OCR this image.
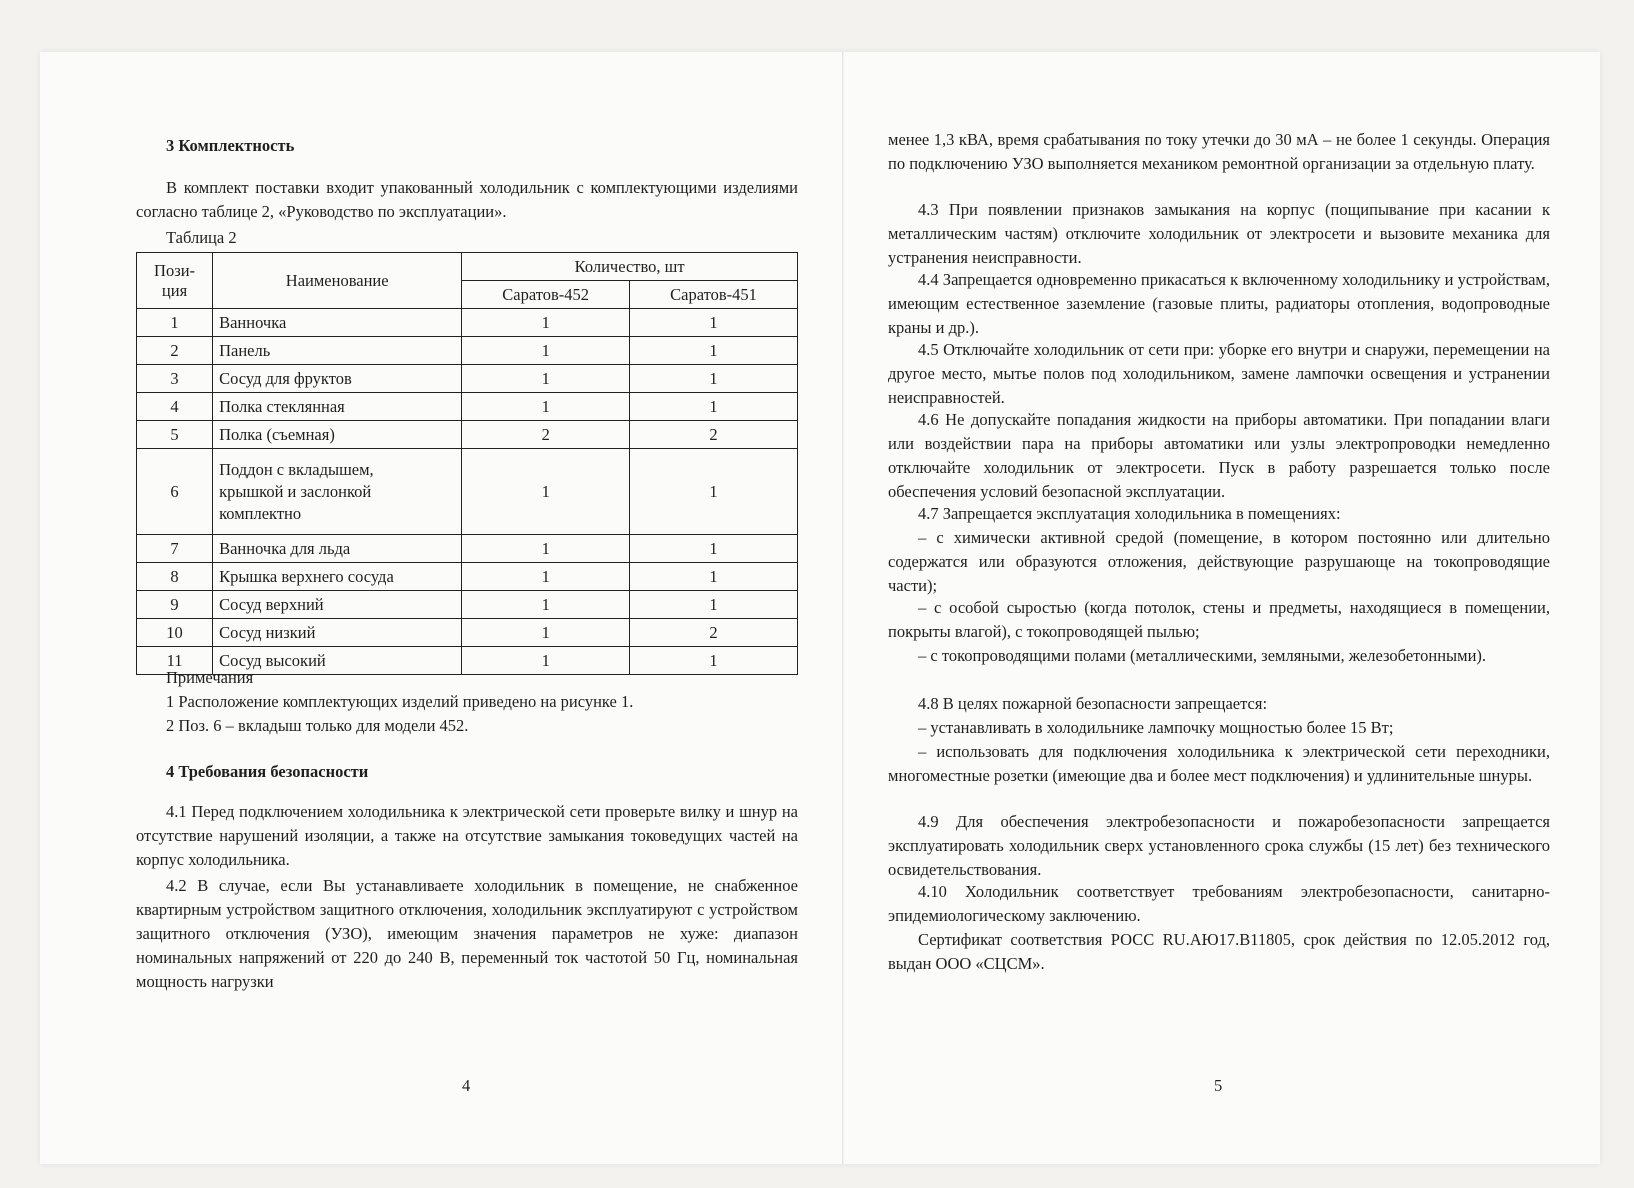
3 Комплектность
В комплект поставки входит упакованный холодильник с комплектующими изделиями согласно таблице 2, «Руководство по эксплуатации».
Таблица 2
Пози-ция	Наименование	Количество, шт	
		Саратов-452	Саратов-451
1	Ванночка	1	1
2	Панель	1	1
3	Сосуд для фруктов	1	1
4	Полка стеклянная	1	1
5	Полка (съемная)	2	2
6	Поддон с вкладышем, крышкой и заслонкой комплектно	1	1
7	Ванночка для льда	1	1
8	Крышка верхнего сосуда	1	1
9	Сосуд верхний	1	1
10	Сосуд низкий	1	2
11	Сосуд высокий	1	1
Примечания
1 Расположение комплектующих изделий приведено на рисунке 1.
2 Поз. 6 – вкладыш только для модели 452.
4 Требования безопасности
4.1 Перед подключением холодильника к электрической сети проверьте вилку и шнур на отсутствие нарушений изоляции, а также на отсутствие замыкания токоведущих частей на корпус холодильника.
4.2 В случае, если Вы устанавливаете холодильник в помещение, не снабженное квартирным устройством защитного отключения, холодильник эксплуатируют с устройством защитного отключения (УЗО), имеющим значения параметров не хуже: диапазон номинальных напряжений от 220 до 240 В, переменный ток частотой 50 Гц, номинальная мощность нагрузки
4
менее 1,3 кВА, время срабатывания по току утечки до 30 мА – не более 1 секунды. Операция по подключению УЗО выполняется механиком ремонтной организации за отдельную плату.
4.3 При появлении признаков замыкания на корпус (пощипывание при касании к металлическим частям) отключите холодильник от электросети и вызовите механика для устранения неисправности.
4.4 Запрещается одновременно прикасаться к включенному холодильнику и устройствам, имеющим естественное заземление (газовые плиты, радиаторы отопления, водопроводные краны и др.).
4.5 Отключайте холодильник от сети при: уборке его внутри и снаружи, перемещении на другое место, мытье полов под холодильником, замене лампочки освещения и устранении неисправностей.
4.6 Не допускайте попадания жидкости на приборы автоматики. При попадании влаги или воздействии пара на приборы автоматики или узлы электропроводки немедленно отключайте холодильник от электросети. Пуск в работу разрешается только после обеспечения условий безопасной эксплуатации.
4.7 Запрещается эксплуатация холодильника в помещениях:
– с химически активной средой (помещение, в котором постоянно или длительно содержатся или образуются отложения, действующие разрушающе на токопроводящие части);
– с особой сыростью (когда потолок, стены и предметы, находящиеся в помещении, покрыты влагой), с токопроводящей пылью;
– с токопроводящими полами (металлическими, земляными, железобетонными).
4.8 В целях пожарной безопасности запрещается:
– устанавливать в холодильнике лампочку мощностью более 15 Вт;
– использовать для подключения холодильника к электрической сети переходники, многоместные розетки (имеющие два и более мест подключения) и удлинительные шнуры.
4.9 Для обеспечения электробезопасности и пожаробезопасности запрещается эксплуатировать холодильник сверх установленного срока службы (15 лет) без технического освидетельствования.
4.10 Холодильник соответствует требованиям электробезопасности, санитарно-эпидемиологическому заключению.
Сертификат соответствия РОСС RU.АЮ17.В11805, срок действия по 12.05.2012 год, выдан ООО «СЦСМ».
5
